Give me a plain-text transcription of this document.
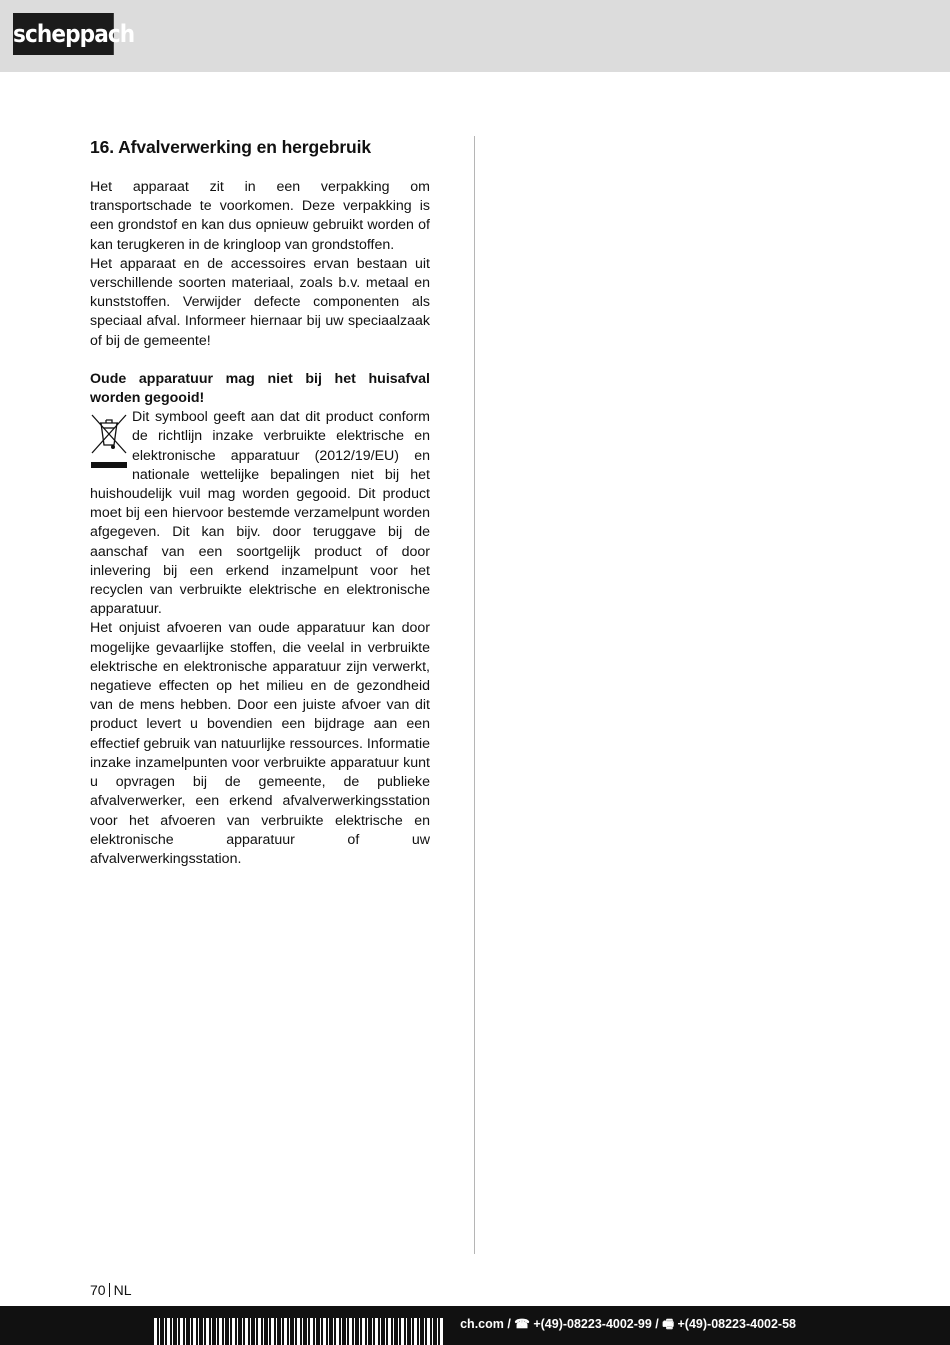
scheppach
16. Afvalverwerking en hergebruik

Het apparaat zit in een verpakking om transportschade te voorkomen. Deze verpakking is een grondstof en kan dus opnieuw gebruikt worden of kan terugkeren in de kringloop van grondstoffen.

Het apparaat en de accessoires ervan bestaan uit verschillende soorten materiaal, zoals b.v. metaal en kunststoffen. Verwijder defecte componenten als speciaal afval. Informeer hiernaar bij uw speciaalzaak of bij de gemeente!

Oude apparatuur mag niet bij het huisafval worden gegooid!

Dit symbool geeft aan dat dit product conform de richtlijn inzake verbruikte elektrische en elektronische apparatuur (2012/19/EU) en nationale wettelijke bepalingen niet bij het huishoudelijk vuil mag worden gegooid. Dit product moet bij een hiervoor bestemde verzamelpunt worden afgegeven. Dit kan bijv. door teruggave bij de aanschaf van een soortgelijk product of door inlevering bij een erkend inzamelpunt voor het recyclen van verbruikte elektrische en elektronische apparatuur.

Het onjuist afvoeren van oude apparatuur kan door mogelijke gevaarlijke stoffen, die veelal in verbruikte elektrische en elektronische apparatuur zijn verwerkt, negatieve effecten op het milieu en de gezondheid van de mens hebben. Door een juiste afvoer van dit product levert u bovendien een bijdrage aan een effectief gebruik van natuurlijke ressources. Informatie inzake inzamelpunten voor verbruikte apparatuur kunt u opvragen bij de gemeente, de publieke afvalverwerker, een erkend afvalverwerkingsstation voor het afvoeren van verbruikte elektrische en elektronische apparatuur of uw afvalverwerkingsstation.

70 NL
ch.com / ☎ +(49)-08223-4002-99 / 🖷 +(49)-08223-4002-58
